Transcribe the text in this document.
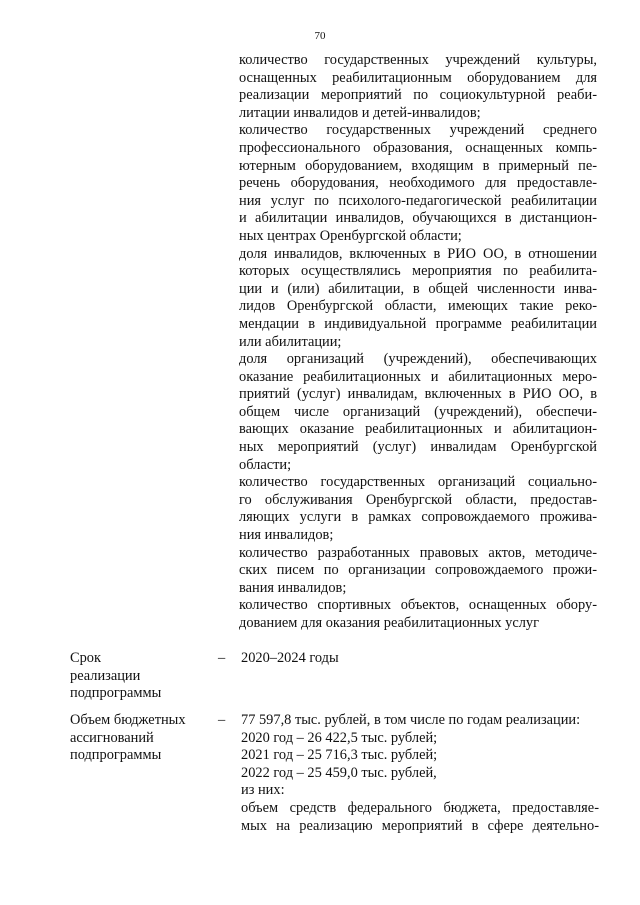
70

количество государственных учреждений культуры,

оснащенных реабилитационным оборудованием для

реализации мероприятий по социокультурной реаби-

литации инвалидов и детей-инвалидов;

количество государственных учреждений среднего

профессионального образования, оснащенных компь-

ютерным оборудованием, входящим в примерный пе-

речень оборудования, необходимого для предоставле-

ния услуг по психолого-педагогической реабилитации

и абилитации инвалидов, обучающихся в дистанцион-

ных центрах Оренбургской области;

доля инвалидов, включенных в РИО ОО, в отношении

которых осуществлялись мероприятия по реабилита-

ции и (или) абилитации, в общей численности инва-

лидов Оренбургской области, имеющих такие реко-

мендации в индивидуальной программе реабилитации

или абилитации;

доля организаций (учреждений), обеспечивающих

оказание реабилитационных и абилитационных меро-

приятий (услуг) инвалидам, включенных в РИО ОО, в

общем числе организаций (учреждений), обеспечи-

вающих оказание реабилитационных и абилитацион-

ных мероприятий (услуг) инвалидам Оренбургской

области;

количество государственных организаций социально-

го обслуживания Оренбургской области, предостав-

ляющих услуги в рамках сопровождаемого прожива-

ния инвалидов;

количество разработанных правовых актов, методиче-

ских писем по организации сопровождаемого прожи-

вания инвалидов;

количество спортивных объектов, оснащенных обору-

дованием для оказания реабилитационных услуг

Срок
реализации
подпрограммы
– 2020–2024 годы
Объем бюджетных
ассигнований
подпрограммы
– 77 597,8 тыс. рублей, в том числе по годам реализации:
2020 год – 26 422,5 тыс. рублей;
2021 год – 25 716,3 тыс. рублей;
2022 год – 25 459,0 тыс. рублей,
из них:

объем средств федерального бюджета, предоставляе-

мых на реализацию мероприятий в сфере деятельно-
